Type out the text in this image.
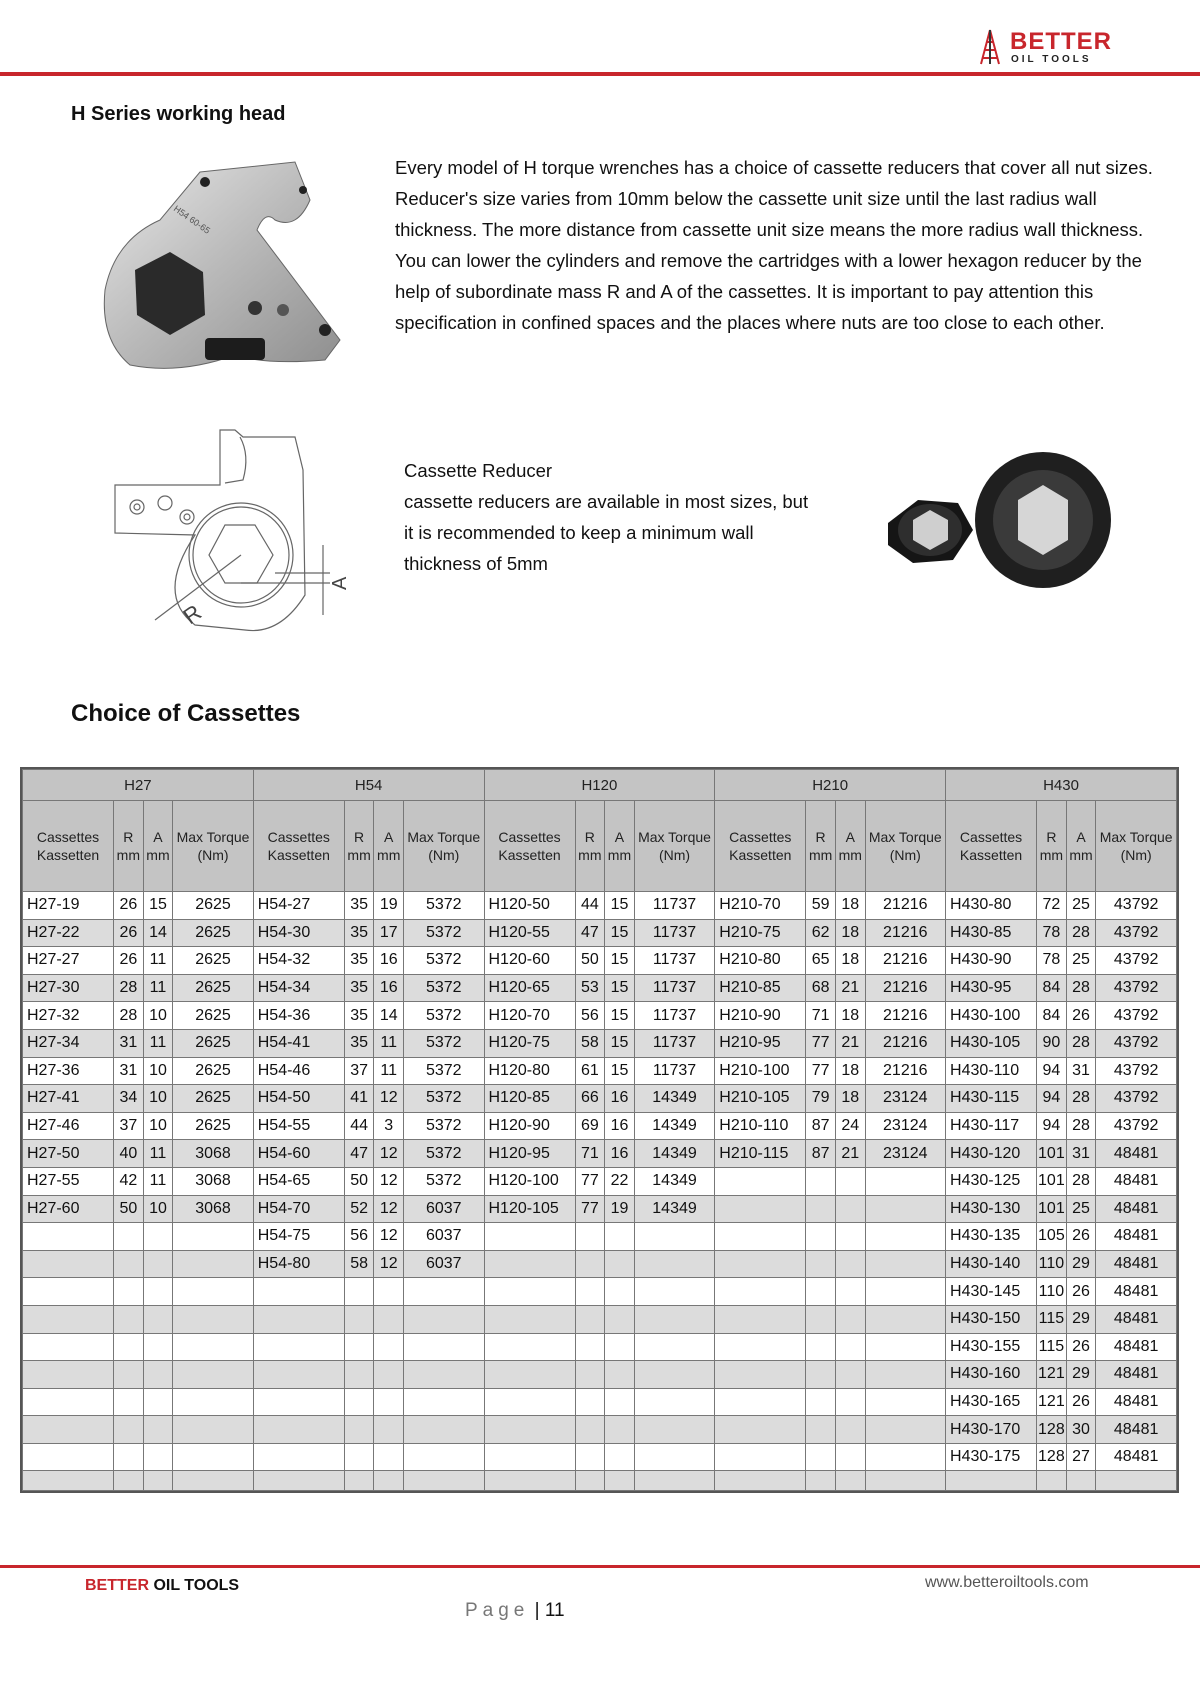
BETTER
OIL TOOLS
H Series working head

Every model of H torque wrenches has a choice of cassette reducers that cover all nut sizes. Reducer's size varies from 10mm below the cassette unit size until the last radius wall thickness. The more distance from cassette unit size means the more radius wall thickness. You can lower the cylinders and remove the cartridges with a lower hexagon reducer by the help of subordinate mass R and A of the cassettes. It is important to pay attention this specification in confined spaces and the places where nuts are too close to each other.

H54 60-65
R
A
Cassette Reducer
cassette reducers are available in most sizes, but
it is recommended to keep a minimum wall
thickness of 5mm
Choice of Cassettes
H27				H54				H120				H210				H430			
Cassettes Kassetten	R mm	A mm	Max Torque (Nm)	Cassettes Kassetten	R mm	A mm	Max Torque (Nm)	Cassettes Kassetten	R mm	A mm	Max Torque (Nm)	Cassettes Kassetten	R mm	A mm	Max Torque (Nm)	Cassettes Kassetten	R mm	A mm	Max Torque (Nm)
H27-19	26	15	2625	H54-27	35	19	5372	H120-50	44	15	11737	H210-70	59	18	21216	H430-80	72	25	43792
H27-22	26	14	2625	H54-30	35	17	5372	H120-55	47	15	11737	H210-75	62	18	21216	H430-85	78	28	43792
H27-27	26	11	2625	H54-32	35	16	5372	H120-60	50	15	11737	H210-80	65	18	21216	H430-90	78	25	43792
H27-30	28	11	2625	H54-34	35	16	5372	H120-65	53	15	11737	H210-85	68	21	21216	H430-95	84	28	43792
H27-32	28	10	2625	H54-36	35	14	5372	H120-70	56	15	11737	H210-90	71	18	21216	H430-100	84	26	43792
H27-34	31	11	2625	H54-41	35	11	5372	H120-75	58	15	11737	H210-95	77	21	21216	H430-105	90	28	43792
H27-36	31	10	2625	H54-46	37	11	5372	H120-80	61	15	11737	H210-100	77	18	21216	H430-110	94	31	43792
H27-41	34	10	2625	H54-50	41	12	5372	H120-85	66	16	14349	H210-105	79	18	23124	H430-115	94	28	43792
H27-46	37	10	2625	H54-55	44	3	5372	H120-90	69	16	14349	H210-110	87	24	23124	H430-117	94	28	43792
H27-50	40	11	3068	H54-60	47	12	5372	H120-95	71	16	14349	H210-115	87	21	23124	H430-120	101	31	48481
H27-55	42	11	3068	H54-65	50	12	5372	H120-100	77	22	14349					H430-125	101	28	48481
H27-60	50	10	3068	H54-70	52	12	6037	H120-105	77	19	14349					H430-130	101	25	48481
				H54-75	56	12	6037									H430-135	105	26	48481
				H54-80	58	12	6037									H430-140	110	29	48481
																H430-145	110	26	48481
																H430-150	115	29	48481
																H430-155	115	26	48481
																H430-160	121	29	48481
																H430-165	121	26	48481
																H430-170	128	30	48481
																H430-175	128	27	48481

BETTER OIL TOOLS	www.betteroiltools.com
Page | 11
